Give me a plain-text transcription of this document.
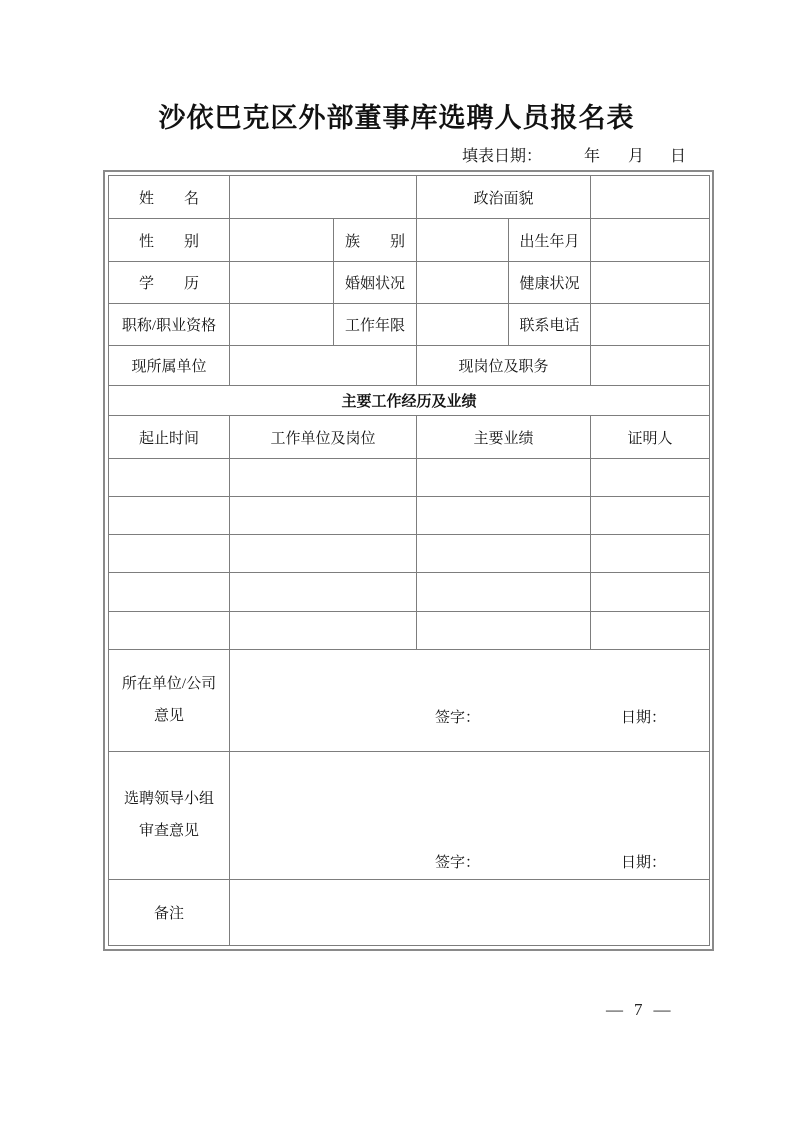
沙依巴克区外部董事库选聘人员报名表
填表日期：	年 月 日
姓　　名			政治面貌		
性　　别		族　　别		出生年月	
学　　历		婚姻状况		健康状况	
职称/职业资格		工作年限		联系电话	
现所属单位			现岗位及职务		
主要工作经历及业绩					
起止时间	工作单位及岗位		主要业绩		证明人

所在单位/公司
意见	签字： 日期：				

选聘领导小组
审查意见	签字： 日期：				

备注					
— 7 —
